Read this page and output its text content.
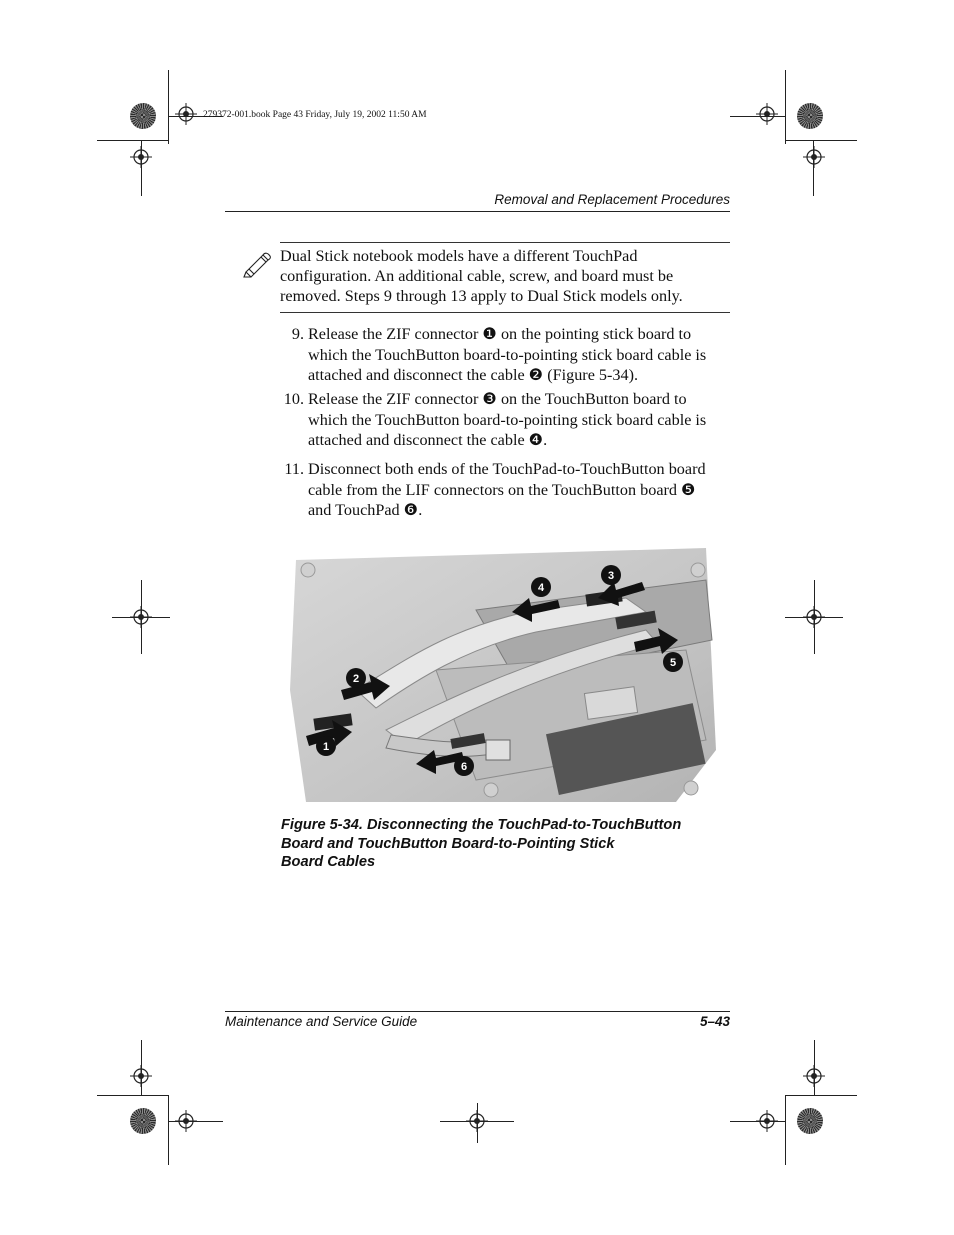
279372-001.book Page 43 Friday, July 19, 2002 11:50 AM
Removal and Replacement Procedures
Dual Stick notebook models have a different TouchPad
configuration. An additional cable, screw, and board must be
removed. Steps 9 through 13 apply to Dual Stick models only.
9. Release the ZIF connector ❶ on the pointing stick board to
which the TouchButton board-to-pointing stick board cable is
attached and disconnect the cable ❷ (Figure 5-34).
10. Release the ZIF connector ❸ on the TouchButton board to
which the TouchButton board-to-pointing stick board cable is
attached and disconnect the cable ❹.
11. Disconnect both ends of the TouchPad-to-TouchButton board
cable from the LIF connectors on the TouchButton board ❺
and TouchPad ❻.
1
2
3
4
5
6
Figure 5-34. Disconnecting the TouchPad-to-TouchButton
Board and TouchButton Board-to-Pointing Stick
Board Cables
Maintenance and Service Guide	5–43
